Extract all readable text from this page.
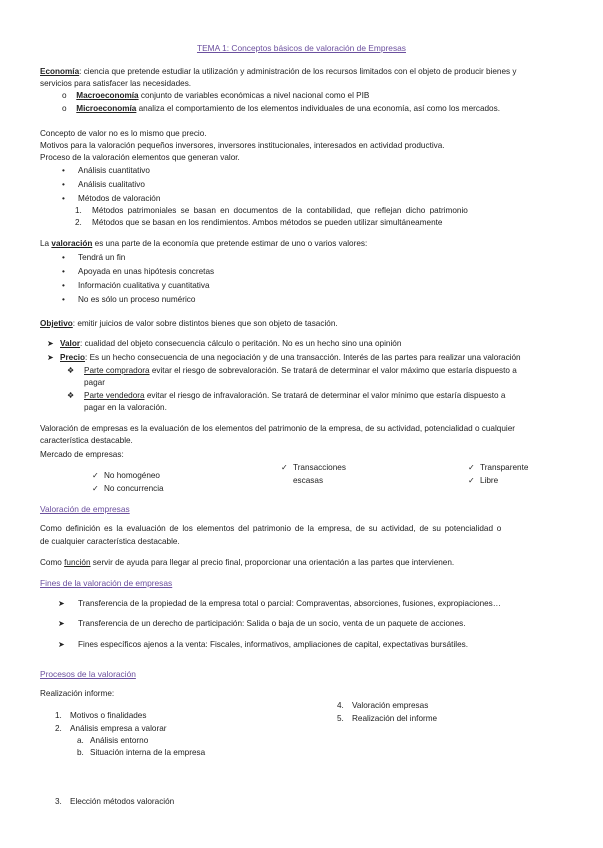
TEMA 1: Conceptos básicos de valoración de Empresas
Economía: ciencia que pretende estudiar la utilización y administración de los recursos limitados con el objeto de producir bienes y
servicios para satisfacer las necesidades.
o Macroeconomía conjunto de variables económicas a nivel nacional como el PIB
o Microeconomía analiza el comportamiento de los elementos individuales de una economía, así como los mercados.
Concepto de valor no es lo mismo que precio.
Motivos para la valoración pequeños inversores, inversores institucionales, interesados en actividad productiva.
Proceso de la valoración elementos que generan valor.
• Análisis cuantitativo
• Análisis cualitativo
• Métodos de valoración
1. Métodos patrimoniales se basan en documentos de la contabilidad, que reflejan dicho patrimonio
2. Métodos que se basan en los rendimientos. Ambos métodos se pueden utilizar simultáneamente
La valoración es una parte de la economía que pretende estimar de uno o varios valores:
• Tendrá un fin
• Apoyada en unas hipótesis concretas
• Información cualitativa y cuantitativa
• No es sólo un proceso numérico
Objetivo: emitir juicios de valor sobre distintos bienes que son objeto de tasación.
➤ Valor: cualidad del objeto consecuencia cálculo o peritación. No es un hecho sino una opinión
➤ Precio: Es un hecho consecuencia de una negociación y de una transacción. Interés de las partes para realizar una valoración
❖ Parte compradora evitar el riesgo de sobrevaloración. Se tratará de determinar el valor máximo que estaría dispuesto a
pagar
❖ Parte vendedora evitar el riesgo de infravaloración. Se tratará de determinar el valor mínimo que estaría dispuesto a
pagar en la valoración.
Valoración de empresas es la evaluación de los elementos del patrimonio de la empresa, de su actividad, potencialidad o cualquier
característica destacable.
Mercado de empresas:
✓ No homogéneo
✓ No concurrencia
✓ Transacciones
escasas
✓ Transparente
✓ Libre
Valoración de empresas
Como definición es la evaluación de los elementos del patrimonio de la empresa, de su actividad, de su potencialidad o
de cualquier característica destacable.
Como función servir de ayuda para llegar al precio final, proporcionar una orientación a las partes que intervienen.
Fines de la valoración de empresas
➤ Transferencia de la propiedad de la empresa total o parcial: Compraventas, absorciones, fusiones, expropiaciones…
➤ Transferencia de un derecho de participación: Salida o baja de un socio, venta de un paquete de acciones.
➤ Fines específicos ajenos a la venta: Fiscales, informativos, ampliaciones de capital, expectativas bursátiles.
Procesos de la valoración
Realización informe:
1. Motivos o finalidades
2. Análisis empresa a valorar
a. Análisis entorno
b. Situación interna de la empresa
3. Elección métodos valoración
4. Valoración empresas
5. Realización del informe
